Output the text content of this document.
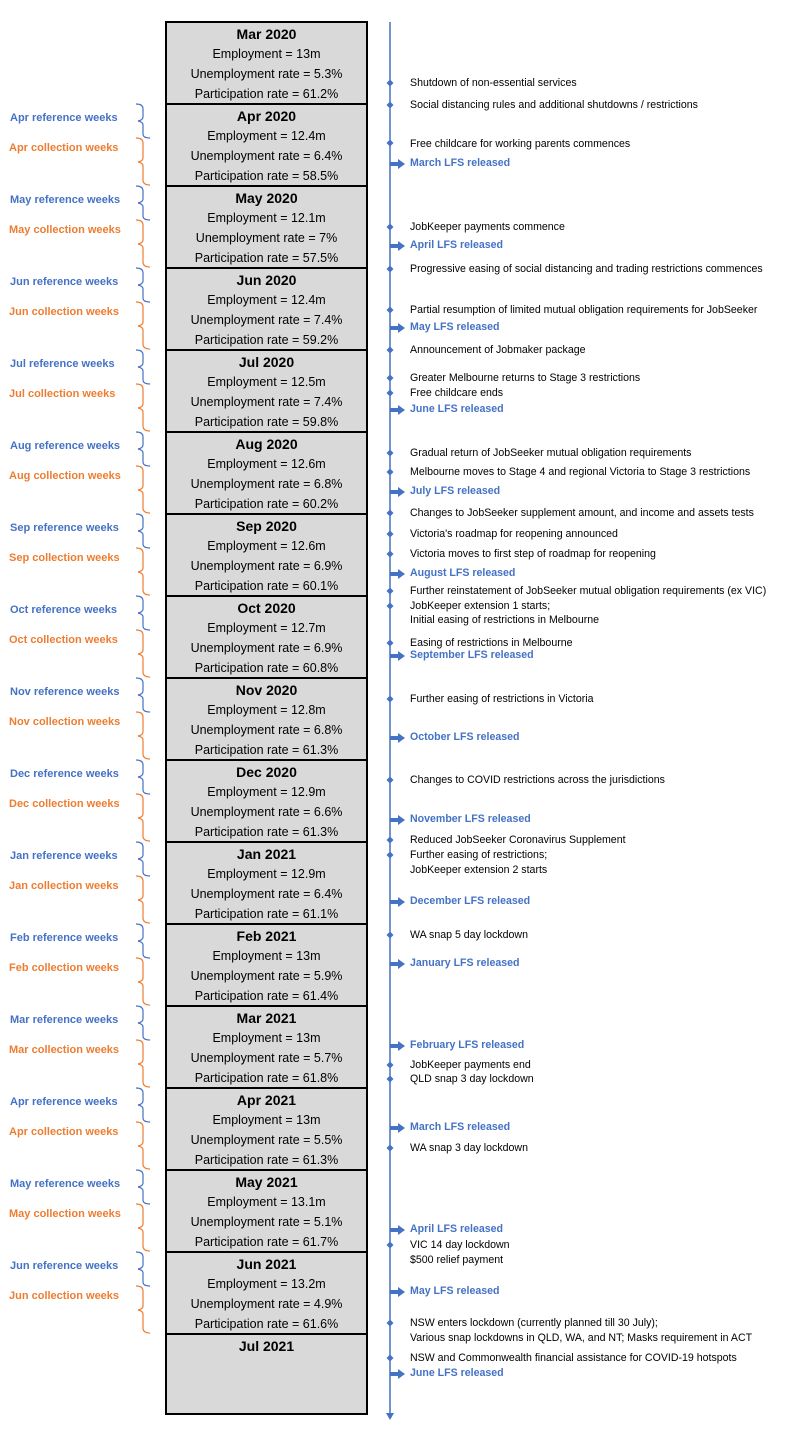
Mar 2020
Employment = 13m
Unemployment rate = 5.3%
Participation rate = 61.2%
Apr 2020
Employment = 12.4m
Unemployment rate = 6.4%
Participation rate = 58.5%
May 2020
Employment = 12.1m
Unemployment rate = 7%
Participation rate = 57.5%
Jun 2020
Employment = 12.4m
Unemployment rate = 7.4%
Participation rate = 59.2%
Jul 2020
Employment = 12.5m
Unemployment rate = 7.4%
Participation rate = 59.8%
Aug 2020
Employment = 12.6m
Unemployment rate = 6.8%
Participation rate = 60.2%
Sep 2020
Employment = 12.6m
Unemployment rate = 6.9%
Participation rate = 60.1%
Oct 2020
Employment = 12.7m
Unemployment rate = 6.9%
Participation rate = 60.8%
Nov 2020
Employment = 12.8m
Unemployment rate = 6.8%
Participation rate = 61.3%
Dec 2020
Employment = 12.9m
Unemployment rate = 6.6%
Participation rate = 61.3%
Jan 2021
Employment = 12.9m
Unemployment rate = 6.4%
Participation rate = 61.1%
Feb 2021
Employment = 13m
Unemployment rate = 5.9%
Participation rate = 61.4%
Mar 2021
Employment = 13m
Unemployment rate = 5.7%
Participation rate = 61.8%
Apr 2021
Employment = 13m
Unemployment rate = 5.5%
Participation rate = 61.3%
May 2021
Employment = 13.1m
Unemployment rate = 5.1%
Participation rate = 61.7%
Jun 2021
Employment = 13.2m
Unemployment rate = 4.9%
Participation rate = 61.6%
Jul 2021
Apr reference weeks
Apr collection weeks
May reference weeks
May collection weeks
Jun reference weeks
Jun collection weeks
Jul reference weeks
Jul collection weeks
Aug reference weeks
Aug collection weeks
Sep reference weeks
Sep collection weeks
Oct reference weeks
Oct collection weeks
Nov reference weeks
Nov collection weeks
Dec reference weeks
Dec collection weeks
Jan reference weeks
Jan collection weeks
Feb reference weeks
Feb collection weeks
Mar reference weeks
Mar collection weeks
Apr reference weeks
Apr collection weeks
May reference weeks
May collection weeks
Jun reference weeks
Jun collection weeks
Shutdown of non-essential services
Social distancing rules and additional shutdowns / restrictions
Free childcare for working parents commences
JobKeeper payments commence
Progressive easing of social distancing and trading restrictions commences
Partial resumption of limited mutual obligation requirements for JobSeeker
Announcement of Jobmaker package
Greater Melbourne returns to Stage 3 restrictions
Free childcare ends
Gradual return of JobSeeker mutual obligation requirements
Melbourne moves to Stage 4 and regional Victoria to Stage 3 restrictions
Changes to JobSeeker supplement amount, and income and assets tests
Victoria's roadmap for reopening announced
Victoria moves to first step of roadmap for reopening
Further reinstatement of JobSeeker mutual obligation requirements (ex VIC)
JobKeeper extension 1 starts;
Initial easing of restrictions in Melbourne
Easing of restrictions in Melbourne
Further easing of restrictions in Victoria
Changes to COVID restrictions across the jurisdictions
Reduced JobSeeker Coronavirus Supplement
Further easing of restrictions;
JobKeeper extension 2 starts
WA snap 5 day lockdown
JobKeeper payments end
QLD snap 3 day lockdown
WA snap 3 day lockdown
VIC 14 day lockdown
$500 relief payment
NSW enters lockdown (currently planned till 30 July);
Various snap lockdowns in QLD, WA, and NT; Masks requirement in ACT
NSW and Commonwealth financial assistance for COVID-19 hotspots
March LFS released
April LFS released
May LFS released
June LFS released
July LFS released
August LFS released
September LFS released
October LFS released
November LFS released
December LFS released
January LFS released
February LFS released
March LFS released
April LFS released
May LFS released
June LFS released
